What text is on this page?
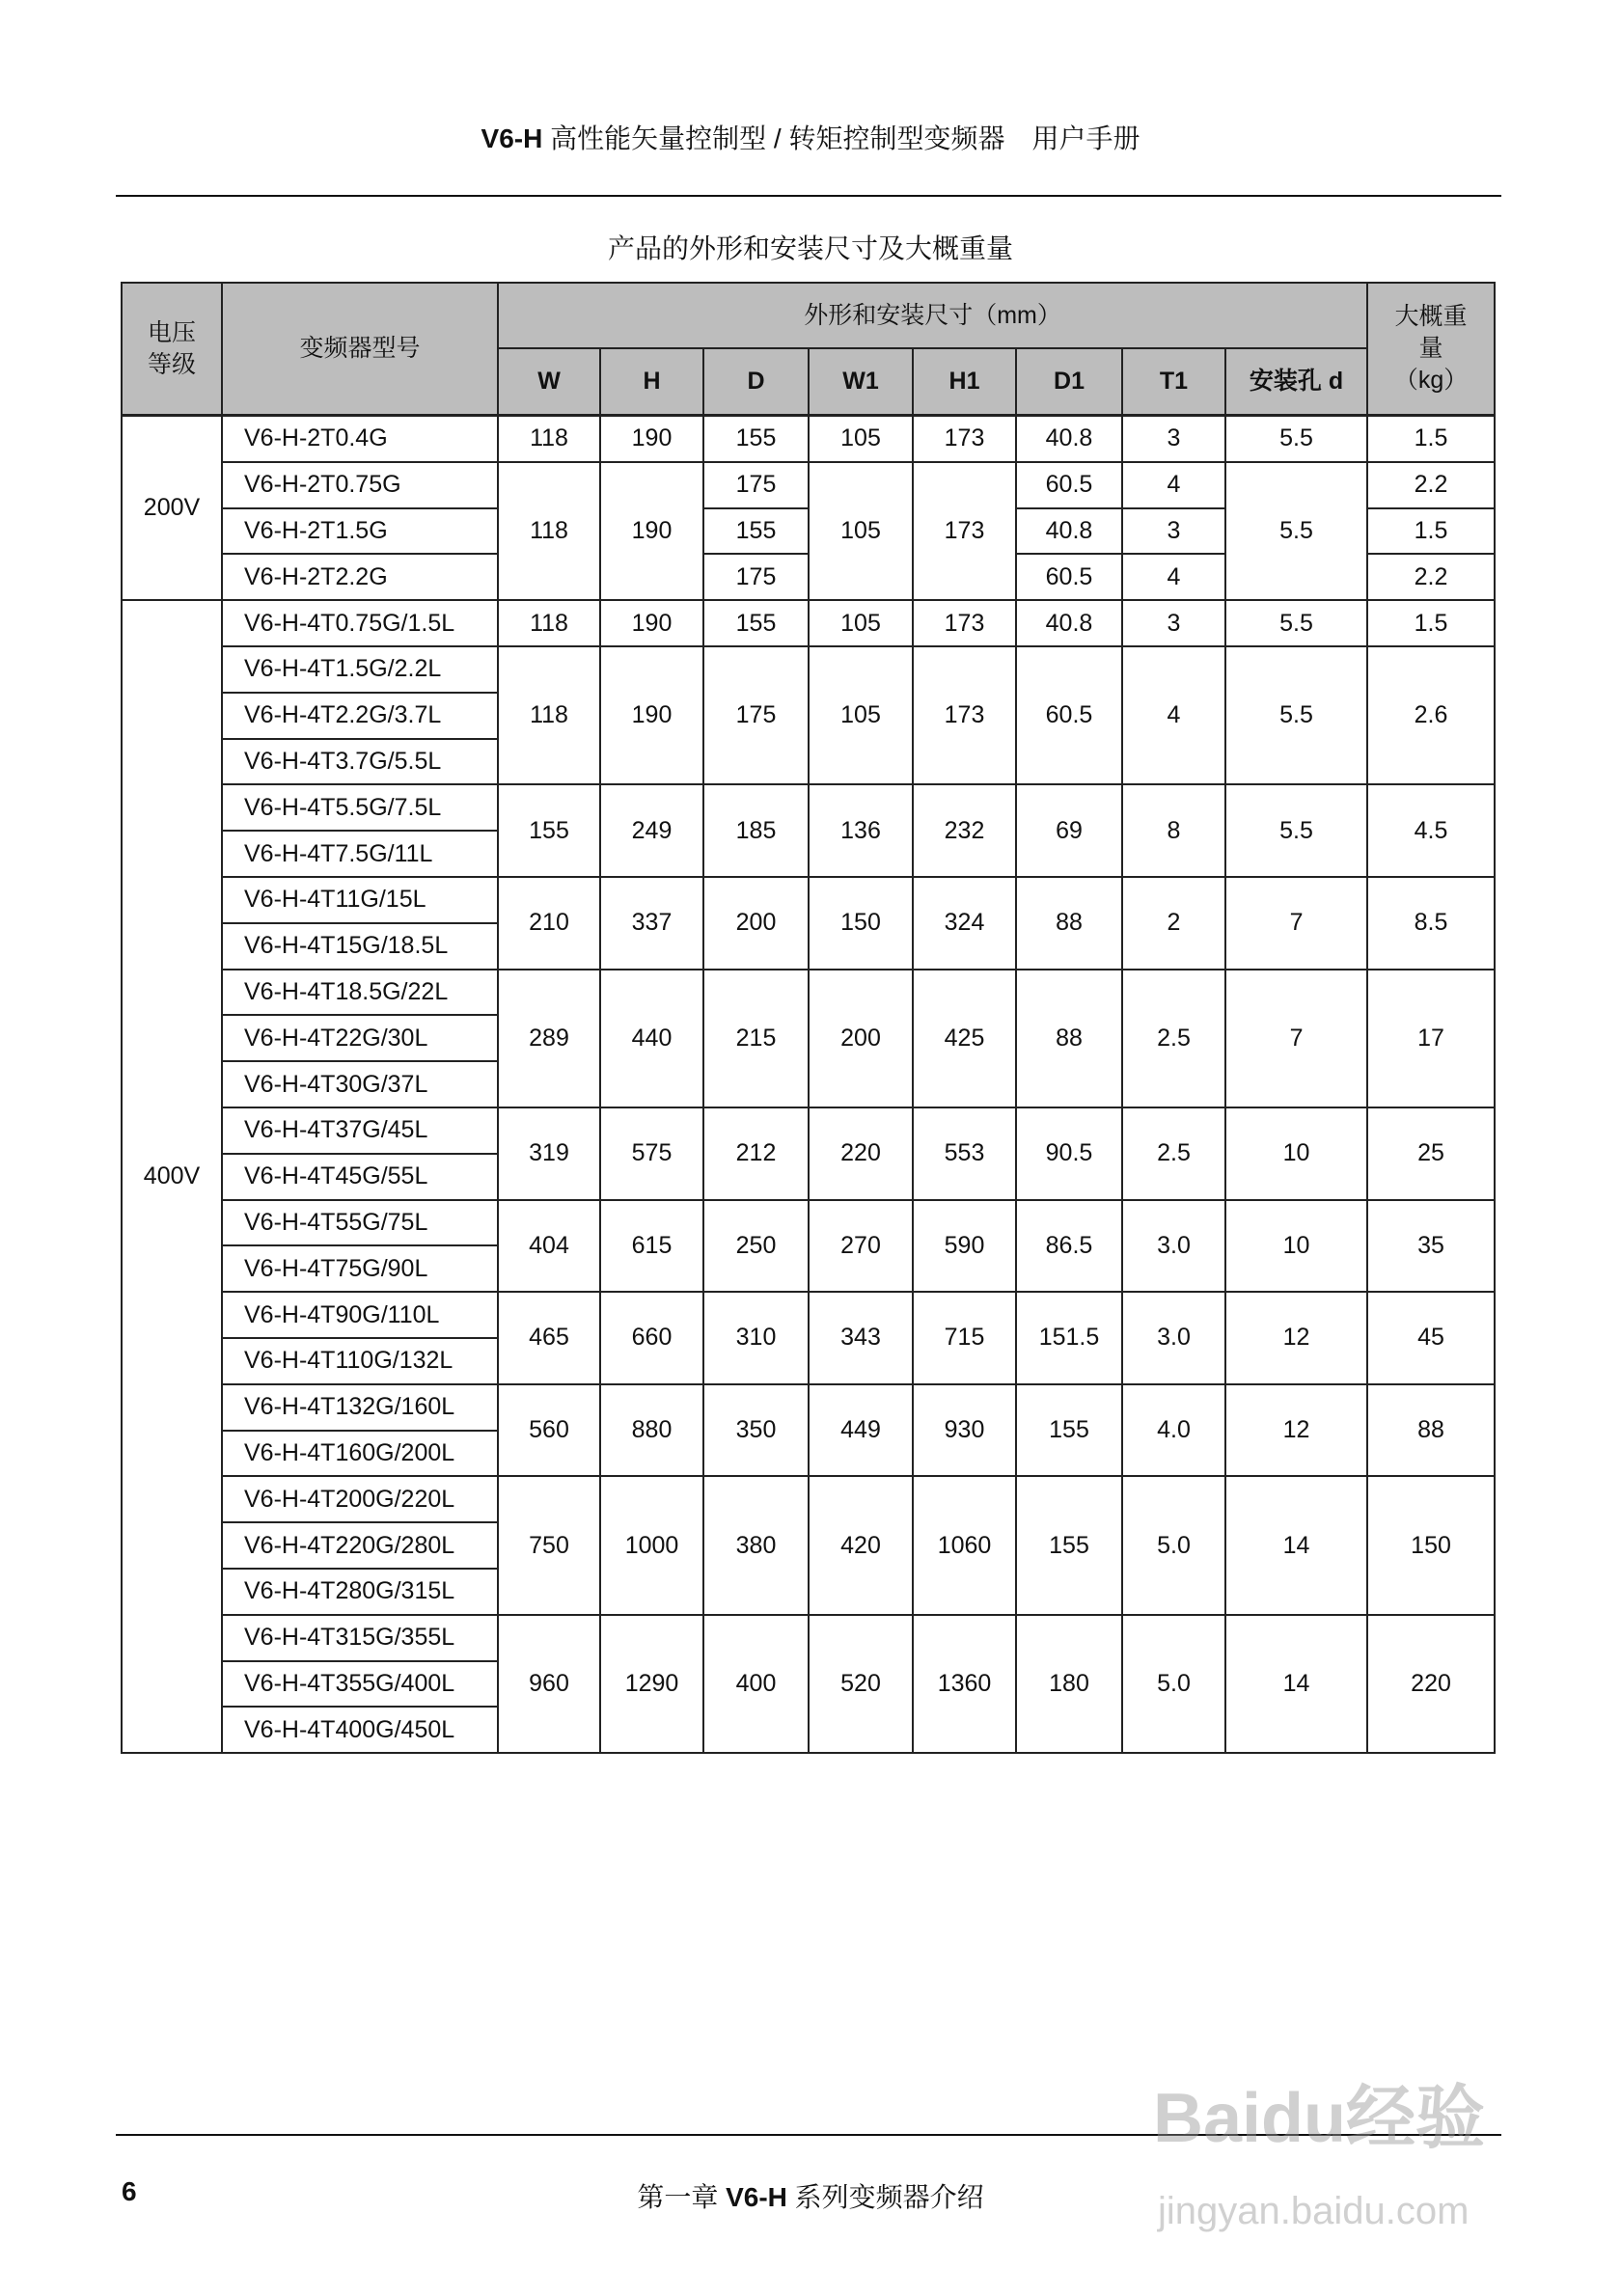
V6-H 高性能矢量控制型 / 转矩控制型变频器　用户手册
产品的外形和安装尺寸及大概重量
电压等级	变频器型号	外形和安装尺寸（mm）								大概重量（kg）
		W	H	D	W1	H1	D1	T1	安装孔 d	
200V	V6-H-2T0.4G	118	190	155	105	173	40.8	3	5.5	1.5
	V6-H-2T0.75G	118	190	175	105	173	60.5	4	5.5	2.2
	V6-H-2T1.5G			155			40.8	3		1.5
	V6-H-2T2.2G			175			60.5	4		2.2
400V	V6-H-4T0.75G/1.5L	118	190	155	105	173	40.8	3	5.5	1.5
	V6-H-4T1.5G/2.2L	118	190	175	105	173	60.5	4	5.5	2.6
	V6-H-4T2.2G/3.7L									
	V6-H-4T3.7G/5.5L									
	V6-H-4T5.5G/7.5L	155	249	185	136	232	69	8	5.5	4.5
	V6-H-4T7.5G/11L									
	V6-H-4T11G/15L	210	337	200	150	324	88	2	7	8.5
	V6-H-4T15G/18.5L									
	V6-H-4T18.5G/22L	289	440	215	200	425	88	2.5	7	17
	V6-H-4T22G/30L									
	V6-H-4T30G/37L									
	V6-H-4T37G/45L	319	575	212	220	553	90.5	2.5	10	25
	V6-H-4T45G/55L									
	V6-H-4T55G/75L	404	615	250	270	590	86.5	3.0	10	35
	V6-H-4T75G/90L									
	V6-H-4T90G/110L	465	660	310	343	715	151.5	3.0	12	45
	V6-H-4T110G/132L									
	V6-H-4T132G/160L	560	880	350	449	930	155	4.0	12	88
	V6-H-4T160G/200L									
	V6-H-4T200G/220L	750	1000	380	420	1060	155	5.0	14	150
	V6-H-4T220G/280L									
	V6-H-4T280G/315L									
	V6-H-4T315G/355L	960	1290	400	520	1360	180	5.0	14	220
	V6-H-4T355G/400L									
	V6-H-4T400G/450L									
6	第一章 V6-H 系列变频器介绍
Baidu经验
jingyan.baidu.com
